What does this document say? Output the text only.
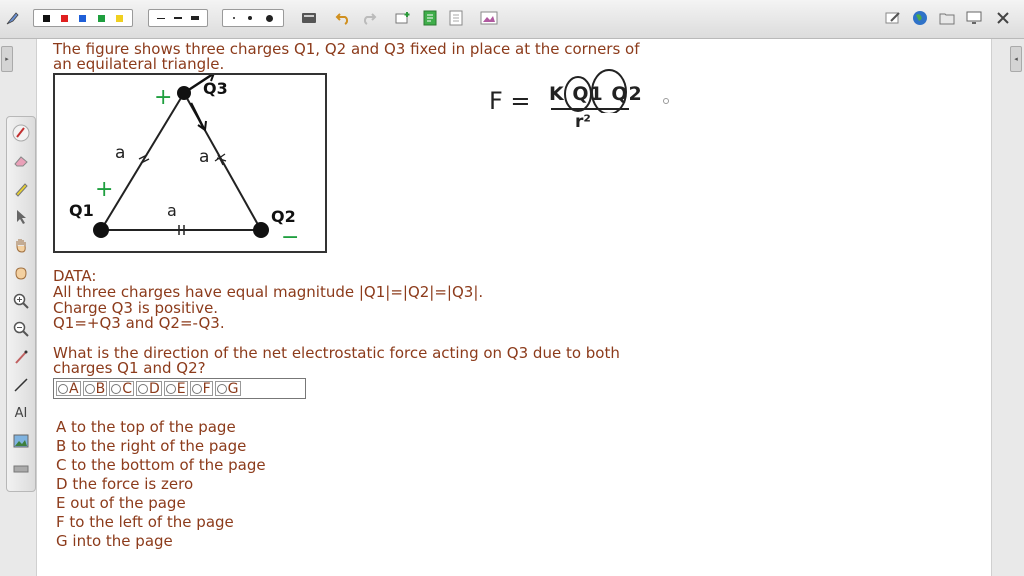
▸	◂
AI

The figure shows three charges Q1, Q2 and Q3 fixed in place at the corners of

an equilateral triangle.

Q3
Q1	Q2
a	a
a
+
+
−
F = K Q1 Q2
r²

DATA:

All three charges have equal magnitude |Q1|=|Q2|=|Q3|.

Charge Q3 is positive.

Q1=+Q3 and Q2=-Q3.

What is the direction of the net electrostatic force acting on Q3 due to both

charges Q1 and Q2?

A B C D E F G
A to the top of the page
B to the right of the page
C to the bottom of the page
D the force is zero
E out of the page
F to the left of the page
G into the page
